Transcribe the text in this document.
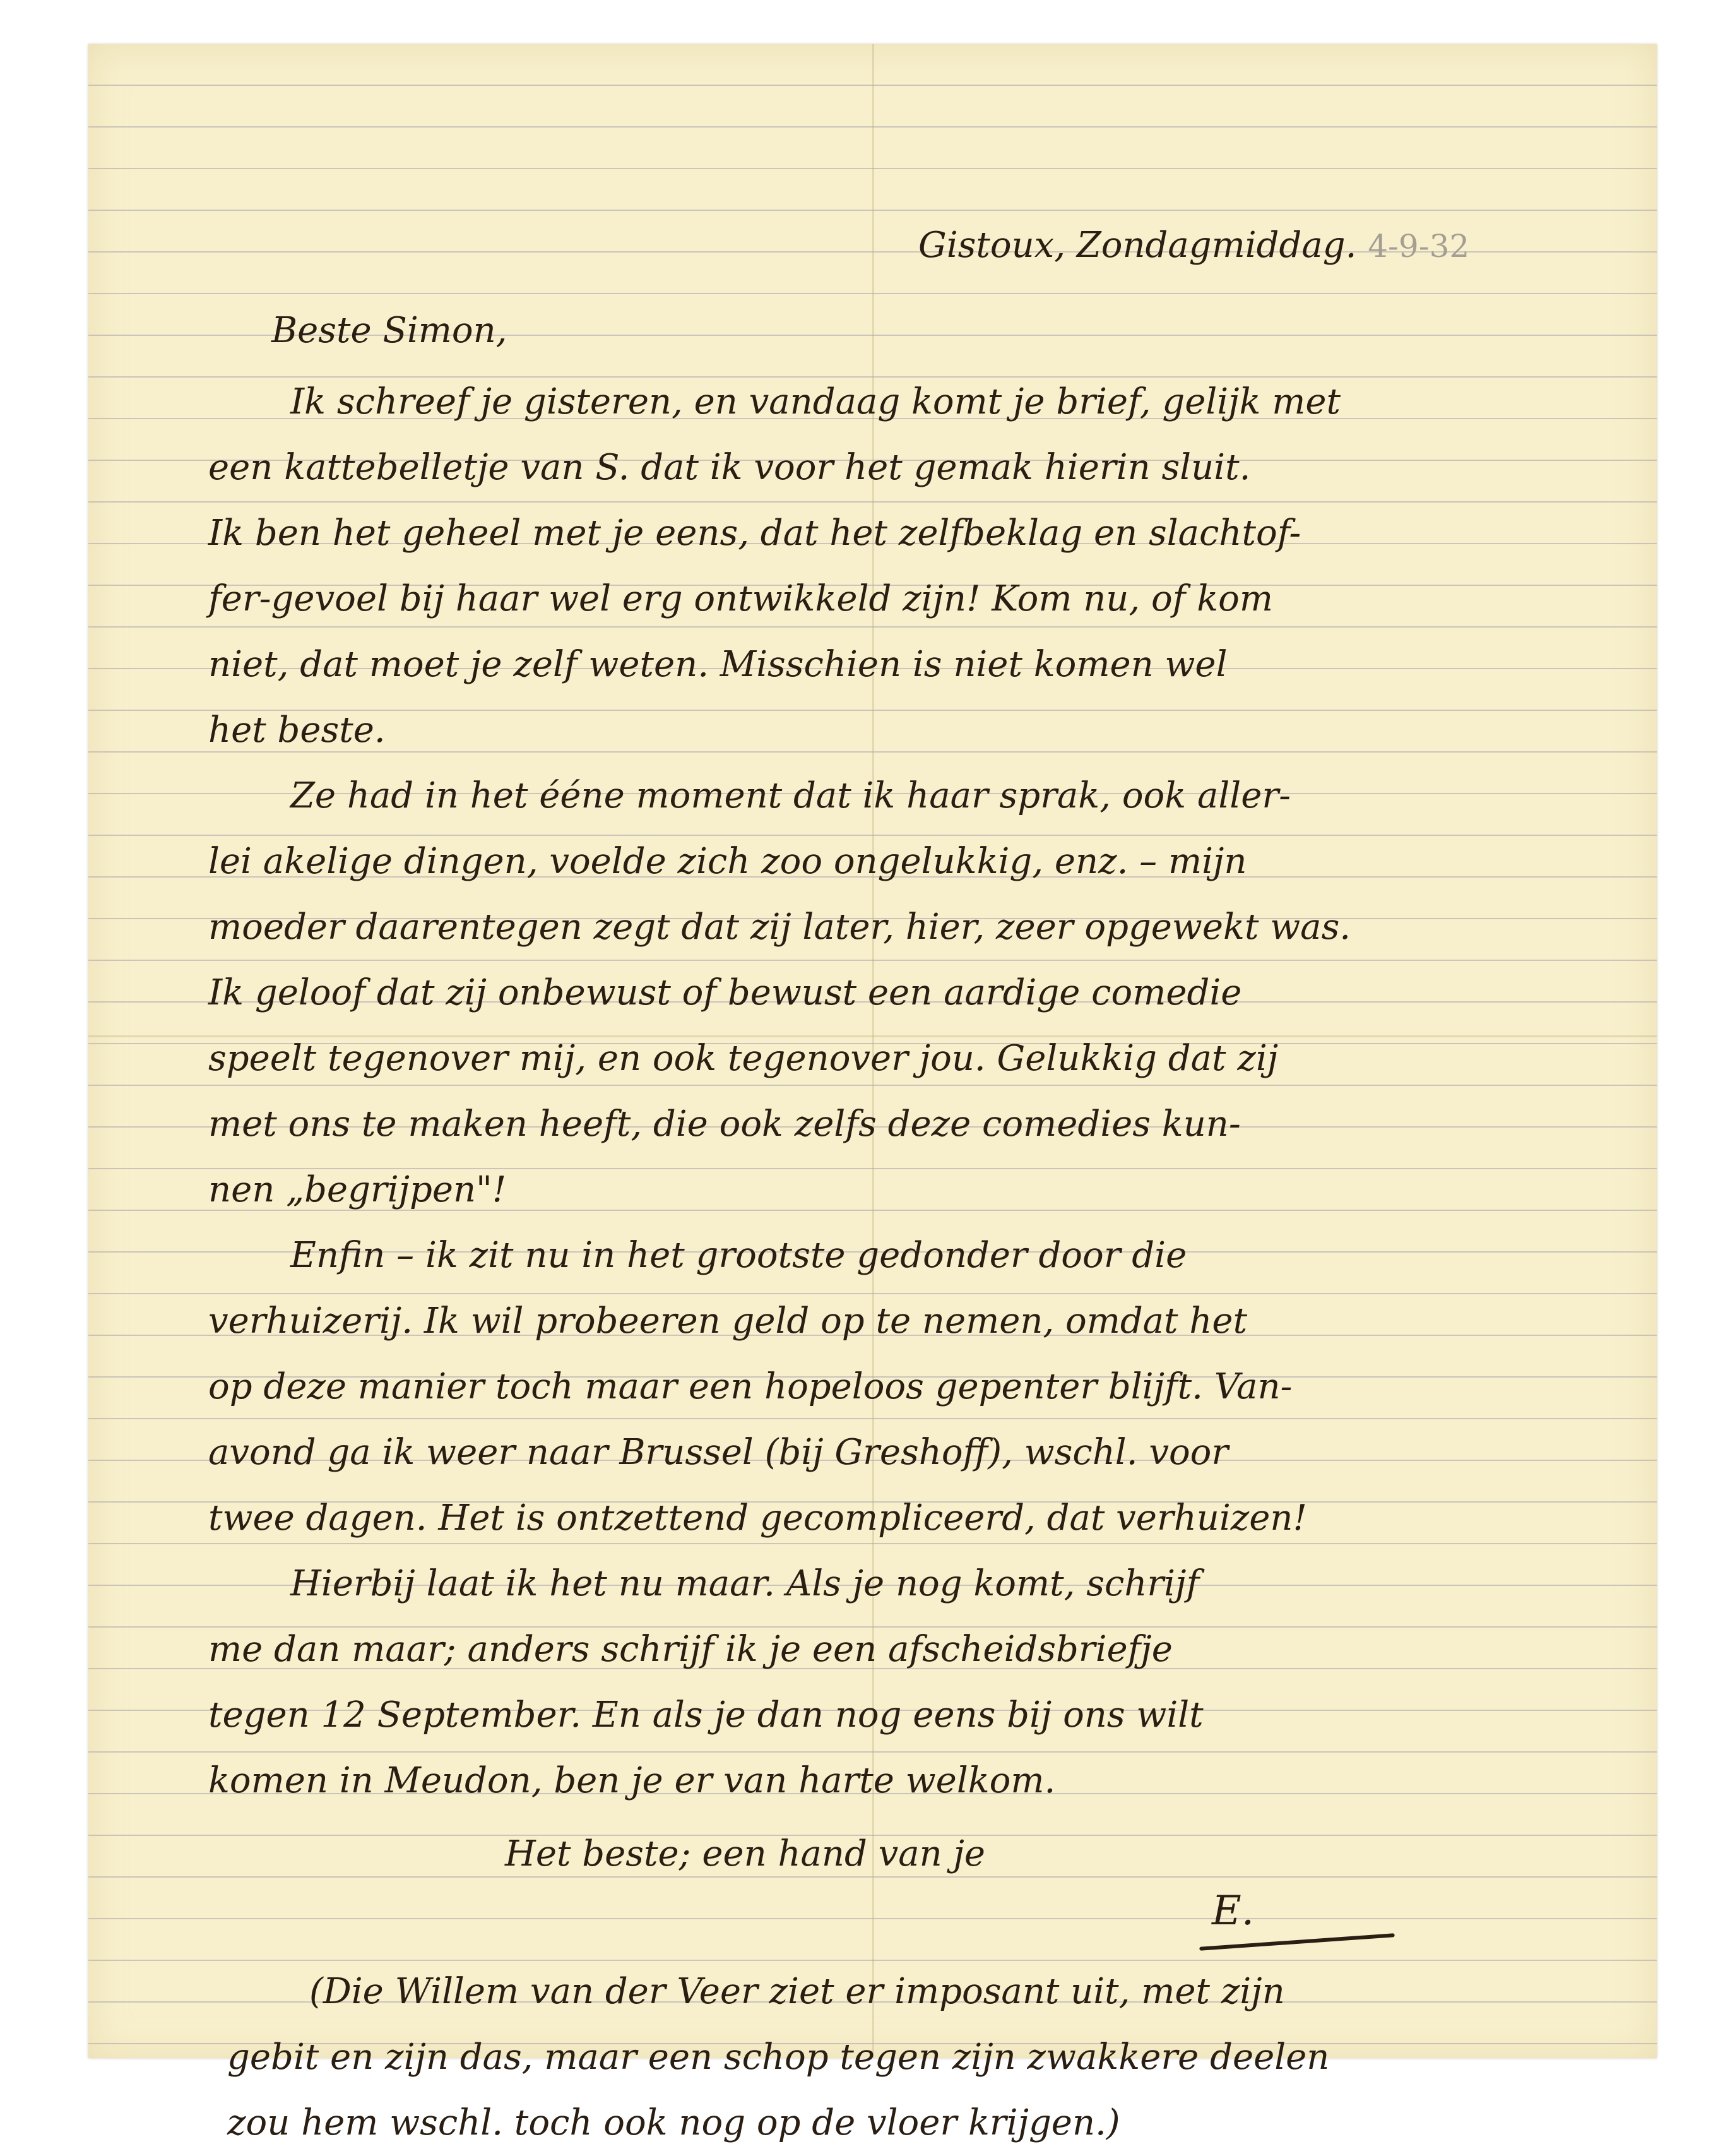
Gistoux, Zondagmiddag. 4-9-32
Beste Simon,
Ik schreef je gisteren, en vandaag komt je brief, gelijk met
een kattebelletje van S. dat ik voor het gemak hierin sluit.
Ik ben het geheel met je eens, dat het zelfbeklag en slachtof-
fer-gevoel bij haar wel erg ontwikkeld zijn! Kom nu, of kom
niet, dat moet je zelf weten. Misschien is niet komen wel
het beste.
Ze had in het ééne moment dat ik haar sprak, ook aller-
lei akelige dingen, voelde zich zoo ongelukkig, enz. – mijn
moeder daarentegen zegt dat zij later, hier, zeer opgewekt was.
Ik geloof dat zij onbewust of bewust een aardige comedie
speelt tegenover mij, en ook tegenover jou. Gelukkig dat zij
met ons te maken heeft, die ook zelfs deze comedies kun-
nen „begrijpen"!
Enfin – ik zit nu in het grootste gedonder door die
verhuizerij. Ik wil probeeren geld op te nemen, omdat het
op deze manier toch maar een hopeloos gepenter blijft. Van-
avond ga ik weer naar Brussel (bij Greshoff), wschl. voor
twee dagen. Het is ontzettend gecompliceerd, dat verhuizen!
Hierbij laat ik het nu maar. Als je nog komt, schrijf
me dan maar; anders schrijf ik je een afscheidsbriefje
tegen 12 September. En als je dan nog eens bij ons wilt
komen in Meudon, ben je er van harte welkom.
Het beste; een hand van je
E.
(Die Willem van der Veer ziet er imposant uit, met zijn
gebit en zijn das, maar een schop tegen zijn zwakkere deelen
zou hem wschl. toch ook nog op de vloer krijgen.)
